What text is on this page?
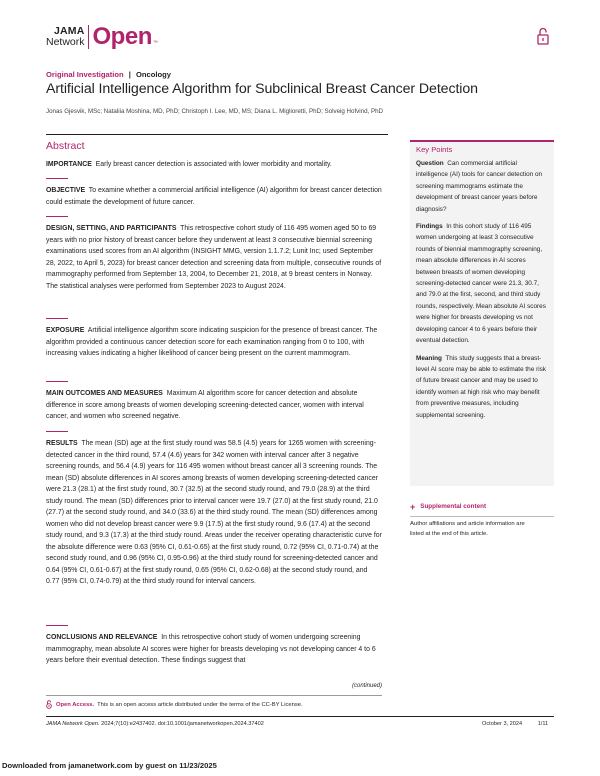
JAMA
Network Open ™
Original Investigation | Oncology
Artificial Intelligence Algorithm for Subclinical Breast Cancer Detection
Jonas Gjesvik, MSc; Nataliia Moshina, MD, PhD; Christoph I. Lee, MD, MS; Diana L. Miglioretti, PhD; Solveig Hofvind, PhD
Abstract
IMPORTANCE Early breast cancer detection is associated with lower morbidity and mortality.
OBJECTIVE To examine whether a commercial artificial intelligence (AI) algorithm for breast cancer detection could estimate the development of future cancer.
DESIGN, SETTING, AND PARTICIPANTS This retrospective cohort study of 116 495 women aged 50 to 69 years with no prior history of breast cancer before they underwent at least 3 consecutive biennial screening examinations used scores from an AI algorithm (INSIGHT MMG, version 1.1.7.2; Lunit Inc; used September 28, 2022, to April 5, 2023) for breast cancer detection and screening data from multiple, consecutive rounds of mammography performed from September 13, 2004, to December 21, 2018, at 9 breast centers in Norway. The statistical analyses were performed from September 2023 to August 2024.
EXPOSURE Artificial intelligence algorithm score indicating suspicion for the presence of breast cancer. The algorithm provided a continuous cancer detection score for each examination ranging from 0 to 100, with increasing values indicating a higher likelihood of cancer being present on the current mammogram.
MAIN OUTCOMES AND MEASURES Maximum AI algorithm score for cancer detection and absolute difference in score among breasts of women developing screening-detected cancer, women with interval cancer, and women who screened negative.
RESULTS The mean (SD) age at the first study round was 58.5 (4.5) years for 1265 women with screening-detected cancer in the third round, 57.4 (4.6) years for 342 women with interval cancer after 3 negative screening rounds, and 56.4 (4.9) years for 116 495 women without breast cancer all 3 screening rounds. The mean (SD) absolute differences in AI scores among breasts of women developing screening-detected cancer were 21.3 (28.1) at the first study round, 30.7 (32.5) at the second study round, and 79.0 (28.9) at the third study round. The mean (SD) differences prior to interval cancer were 19.7 (27.0) at the first study round, 21.0 (27.7) at the second study round, and 34.0 (33.6) at the third study round. The mean (SD) differences among women who did not develop breast cancer were 9.9 (17.5) at the first study round, 9.6 (17.4) at the second study round, and 9.3 (17.3) at the third study round. Areas under the receiver operating characteristic curve for the absolute difference were 0.63 (95% CI, 0.61-0.65) at the first study round, 0.72 (95% CI, 0.71-0.74) at the second study round, and 0.96 (95% CI, 0.95-0.96) at the third study round for screening-detected cancer and 0.64 (95% CI, 0.61-0.67) at the first study round, 0.65 (95% CI, 0.62-0.68) at the second study round, and 0.77 (95% CI, 0.74-0.79) at the third study round for interval cancers.
CONCLUSIONS AND RELEVANCE In this retrospective cohort study of women undergoing screening mammography, mean absolute AI scores were higher for breasts developing vs not developing cancer 4 to 6 years before their eventual detection. These findings suggest that
(continued)
Key Points

Question Can commercial artificial intelligence (AI) tools for cancer detection on screening mammograms estimate the development of breast cancer years before diagnosis?

Findings In this cohort study of 116 495 women undergoing at least 3 consecutive rounds of biennial mammography screening, mean absolute differences in AI scores between breasts of women developing screening-detected cancer were 21.3, 30.7, and 79.0 at the first, second, and third study rounds, respectively. Mean absolute AI scores were higher for breasts developing vs not developing cancer 4 to 6 years before their eventual detection.

Meaning This study suggests that a breast-level AI score may be able to estimate the risk of future breast cancer and may be used to identify women at high risk who may benefit from preventive measures, including supplemental screening.

+ Supplemental content
Author affiliations and article information are listed at the end of this article.
Open Access. This is an open access article distributed under the terms of the CC-BY License.
JAMA Network Open. 2024;7(10):e2437402. doi:10.1001/jamanetworkopen.2024.37402	October 3, 2024	1/11
Downloaded from jamanetwork.com by guest on 11/23/2025
